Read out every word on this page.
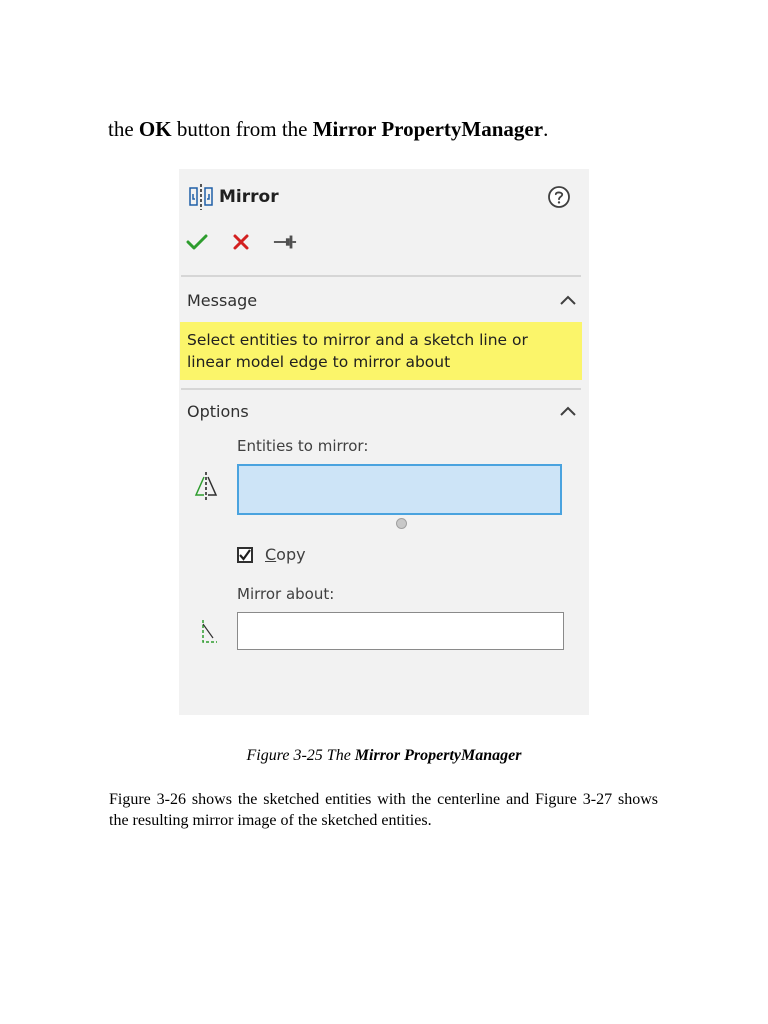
the OK button from the Mirror PropertyManager.
Mirror
Message
Select entities to mirror and a sketch line or linear model edge to mirror about
Options
Entities to mirror:
Copy
Mirror about:
Figure 3-25 The Mirror PropertyManager
Figure 3-26 shows the sketched entities with the centerline and Figure 3-27 shows the resulting mirror image of the sketched entities.
